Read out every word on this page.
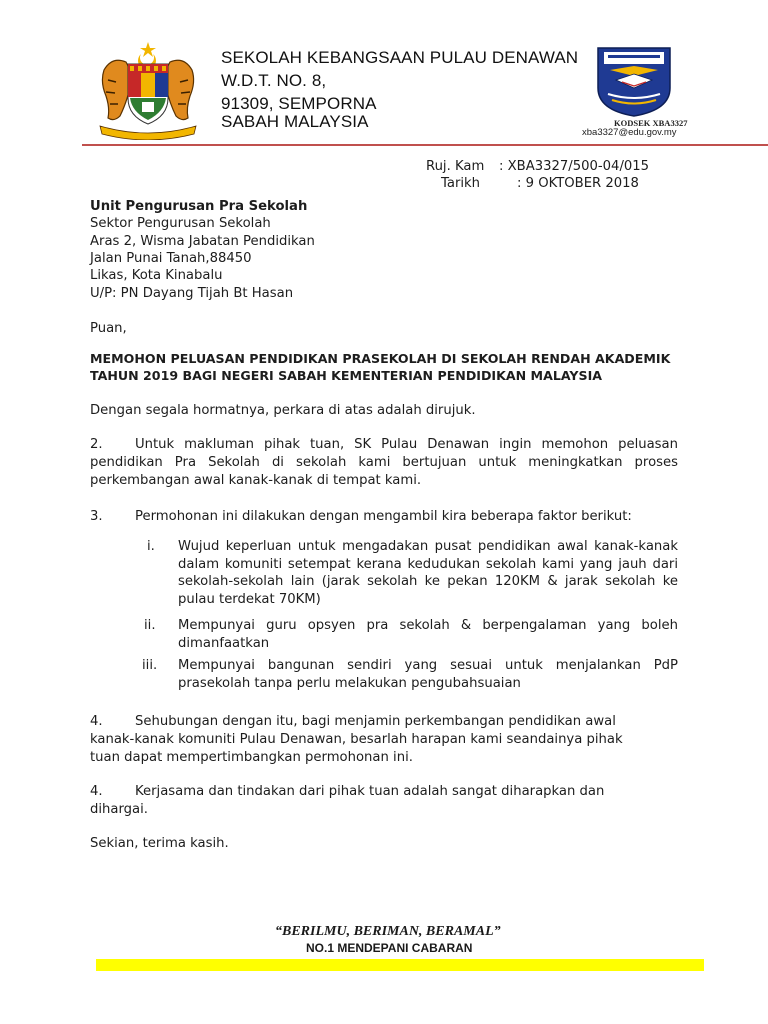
SEKOLAH KEBANGSAAN PULAU DENAWAN
W.D.T. NO. 8,
91309, SEMPORNA
SABAH MALAYSIA	KODSEK XBA3327
xba3327@edu.gov.my
Ruj. Kam : XBA3327/500-04/015
Tarikh	: 9 OKTOBER 2018
Unit Pengurusan Pra Sekolah
Sektor Pengurusan Sekolah
Aras 2, Wisma Jabatan Pendidikan
Jalan Punai Tanah,88450
Likas, Kota Kinabalu
U/P: PN Dayang Tijah Bt Hasan
Puan,
MEMOHON PELUASAN PENDIDIKAN PRASEKOLAH DI SEKOLAH RENDAH AKADEMIK
TAHUN 2019 BAGI NEGERI SABAH KEMENTERIAN PENDIDIKAN MALAYSIA
Dengan segala hormatnya, perkara di atas adalah dirujuk.
2. Untuk makluman pihak tuan, SK Pulau Denawan ingin memohon peluasan
pendidikan Pra Sekolah di sekolah kami bertujuan untuk meningkatkan proses perkembangan awal kanak-kanak di tempat kami.
3. Permohonan ini dilakukan dengan mengambil kira beberapa faktor berikut:
i. Wujud keperluan untuk mengadakan pusat pendidikan awal kanak-kanak dalam komuniti setempat kerana kedudukan sekolah kami yang jauh dari sekolah-sekolah lain (jarak sekolah ke pekan 120KM & jarak sekolah ke pulau terdekat 70KM)
ii. Mempunyai guru opsyen pra sekolah & berpengalaman yang boleh dimanfaatkan
iii. Mempunyai bangunan sendiri yang sesuai untuk menjalankan PdP prasekolah tanpa perlu melakukan pengubahsuaian
4. Sehubungan dengan itu, bagi menjamin perkembangan pendidikan awal
kanak-kanak komuniti Pulau Denawan, besarlah harapan kami seandainya pihak tuan dapat mempertimbangkan permohonan ini.
4. Kerjasama dan tindakan dari pihak tuan adalah sangat diharapkan dan
dihargai.
Sekian, terima kasih.
“BERILMU, BERIMAN, BERAMAL”
NO.1 MENDEPANI CABARAN
